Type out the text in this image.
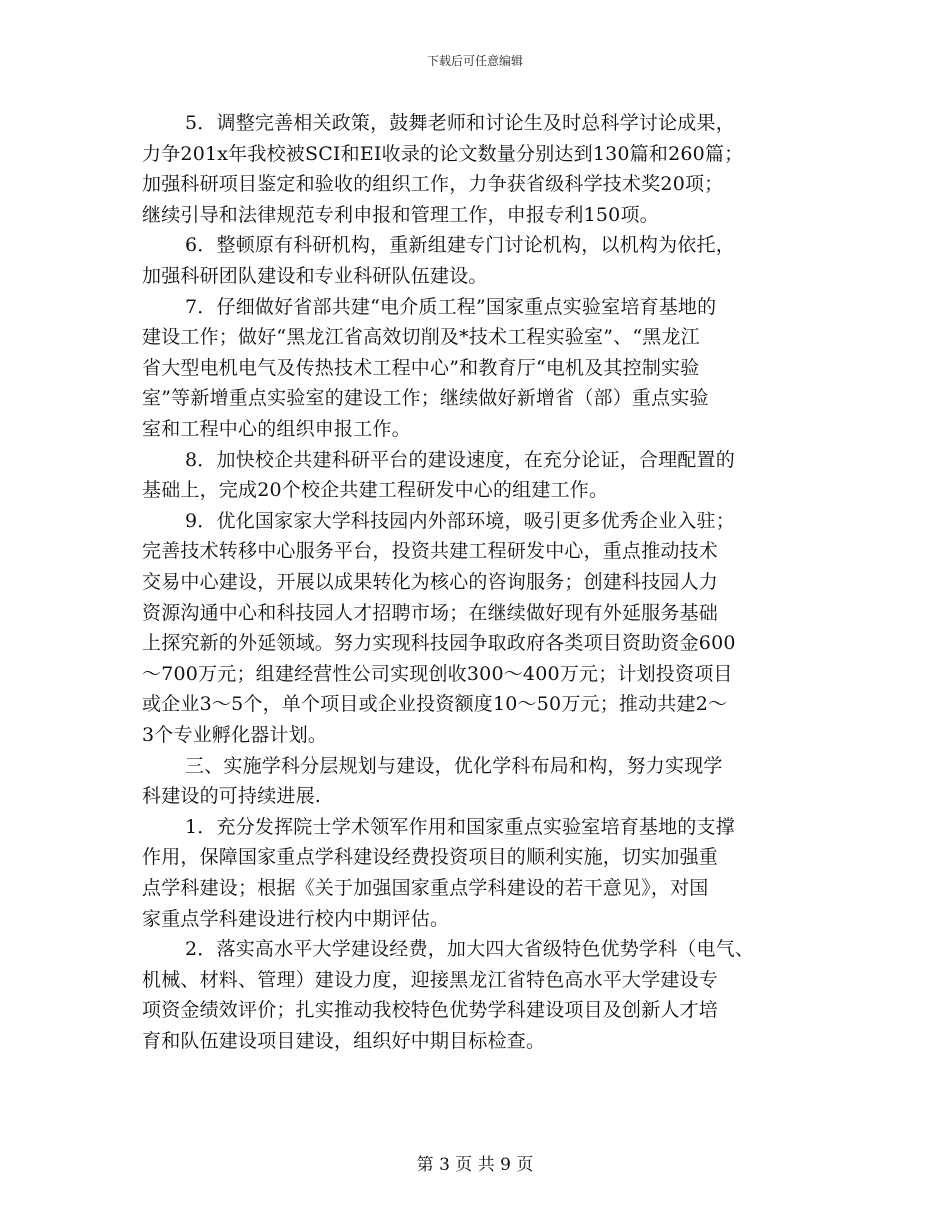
下载后可任意编辑
5．调整完善相关政策，鼓舞老师和讨论生及时总科学讨论成果，
力争201x年我校被SCI和EI收录的论文数量分别达到130篇和260篇；
加强科研项目鉴定和验收的组织工作，力争获省级科学技术奖20项；
继续引导和法律规范专利申报和管理工作，申报专利150项。
6．整顿原有科研机构，重新组建专门讨论机构，以机构为依托，
加强科研团队建设和专业科研队伍建设。
7．仔细做好省部共建“电介质工程”国家重点实验室培育基地的
建设工作；做好“黑龙江省高效切削及*技术工程实验室”、“黑龙江
省大型电机电气及传热技术工程中心”和教育厅“电机及其控制实验
室”等新增重点实验室的建设工作；继续做好新增省（部）重点实验
室和工程中心的组织申报工作。
8．加快校企共建科研平台的建设速度，在充分论证，合理配置的
基础上，完成20个校企共建工程研发中心的组建工作。
9．优化国家家大学科技园内外部环境，吸引更多优秀企业入驻；
完善技术转移中心服务平台，投资共建工程研发中心，重点推动技术
交易中心建设，开展以成果转化为核心的咨询服务；创建科技园人力
资源沟通中心和科技园人才招聘市场；在继续做好现有外延服务基础
上探究新的外延领域。努力实现科技园争取政府各类项目资助资金600
～700万元；组建经营性公司实现创收300～400万元；计划投资项目
或企业3～5个，单个项目或企业投资额度10～50万元；推动共建2～
3个专业孵化器计划。
三、实施学科分层规划与建设，优化学科布局和构，努力实现学
科建设的可持续进展.
1．充分发挥院士学术领军作用和国家重点实验室培育基地的支撑
作用，保障国家重点学科建设经费投资项目的顺利实施，切实加强重
点学科建设；根据《关于加强国家重点学科建设的若干意见》，对国
家重点学科建设进行校内中期评估。
2．落实高水平大学建设经费，加大四大省级特色优势学科（电气、
机械、材料、管理）建设力度，迎接黑龙江省特色高水平大学建设专
项资金绩效评价；扎实推动我校特色优势学科建设项目及创新人才培
育和队伍建设项目建设，组织好中期目标检查。
第 3 页 共 9 页
